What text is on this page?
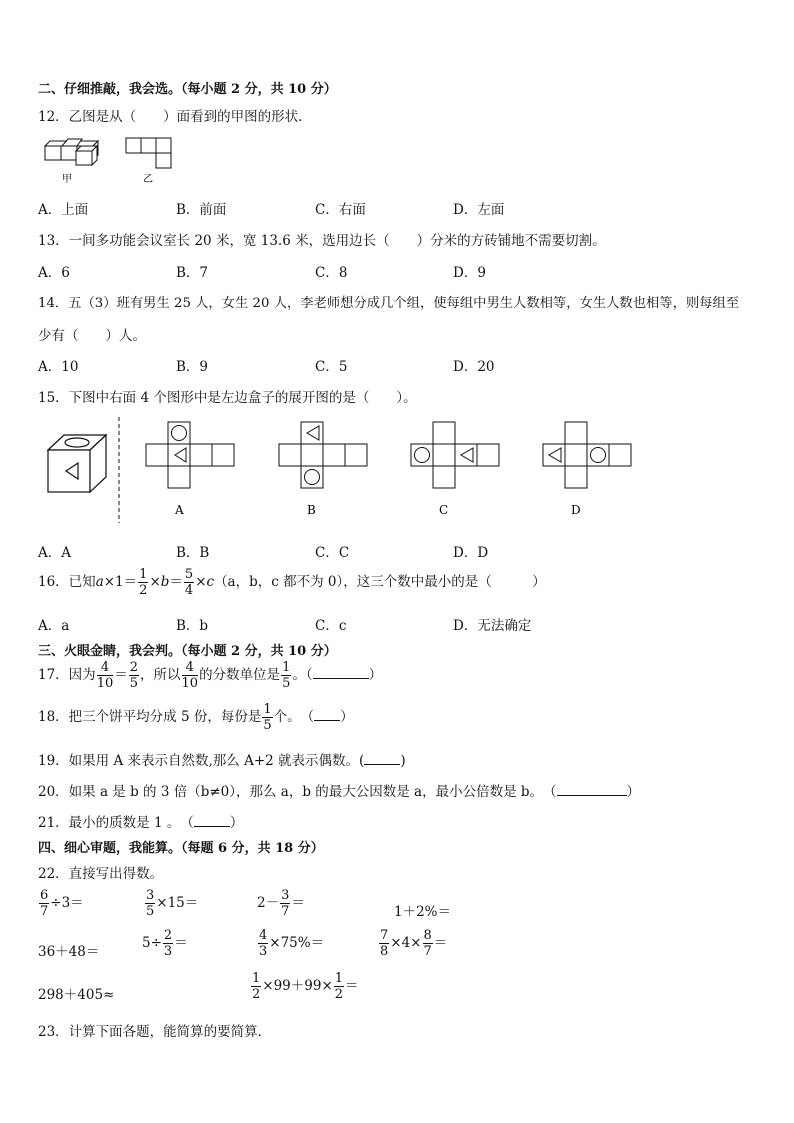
二、仔细推敲，我会选。（每小题 2 分，共 10 分）
12．乙图是从（　　）面看到的甲图的形状．
甲	乙
A．上面	B．前面	C．右面	D．左面
13．一间多功能会议室长 20 米，宽 13.6 米，选用边长（　　）分米的方砖铺地不需要切割。
A．6	B．7	C．8	D．9
14．五（3）班有男生 25 人，女生 20 人，李老师想分成几个组，使每组中男生人数相等，女生人数也相等，则每组至
少有（　　）人。
A．10	B．9	C．5	D．20
15．下图中右面 4 个图形中是左边盒子的展开图的是（　　）。
A	B	C	D
A．A	B．B	C．C	D．D
16．已知$a\times 1= \frac{1}{2} \times b= \frac{5}{4} \times c(a$，b，c 都不为 0），这三个数中最小的是（　　　）
A．a	B．b	C．c	D．无法确定
三、火眼金睛，我会判。（每小题 2 分，共 10 分）
17．因为 $\frac{4}{10} = \frac{2}{5}$ ，所以 $\frac{4}{10}$ 的分数单位是 $\frac{1}{5}$ 。（	）
18．把三个饼平均分成 5 份，每份是 $\frac{1}{5}$ 个。　（ ）
19．如果用 A 来表示自然数,那么 A+2 就表示偶数。(	)
20．如果 a 是 b 的 3 倍（b≠0），那么 a，b 的最大公因数是 a，最小公倍数是 b。　（	）
21．最小的质数是 1 。　（	）
四、细心审题，我能算。（每题 6 分，共 18 分）
22．直接写出得数。
$\frac{6}{7} \div 3=$	$\frac{3}{5} \times 15=$	$2- \frac{3}{7}$ ＝
1＋2%＝
36＋48＝
$5\div \frac{2}{3}$ ＝	$\frac{4}{3} \times 75\%=$	$\frac{7}{8} \times 4\times \frac{8}{7}$ ＝
298＋405≈	$\frac{1}{2} \times 99+99\times \frac{1}{2}$ ＝
23．计算下面各题，能简算的要简算．
